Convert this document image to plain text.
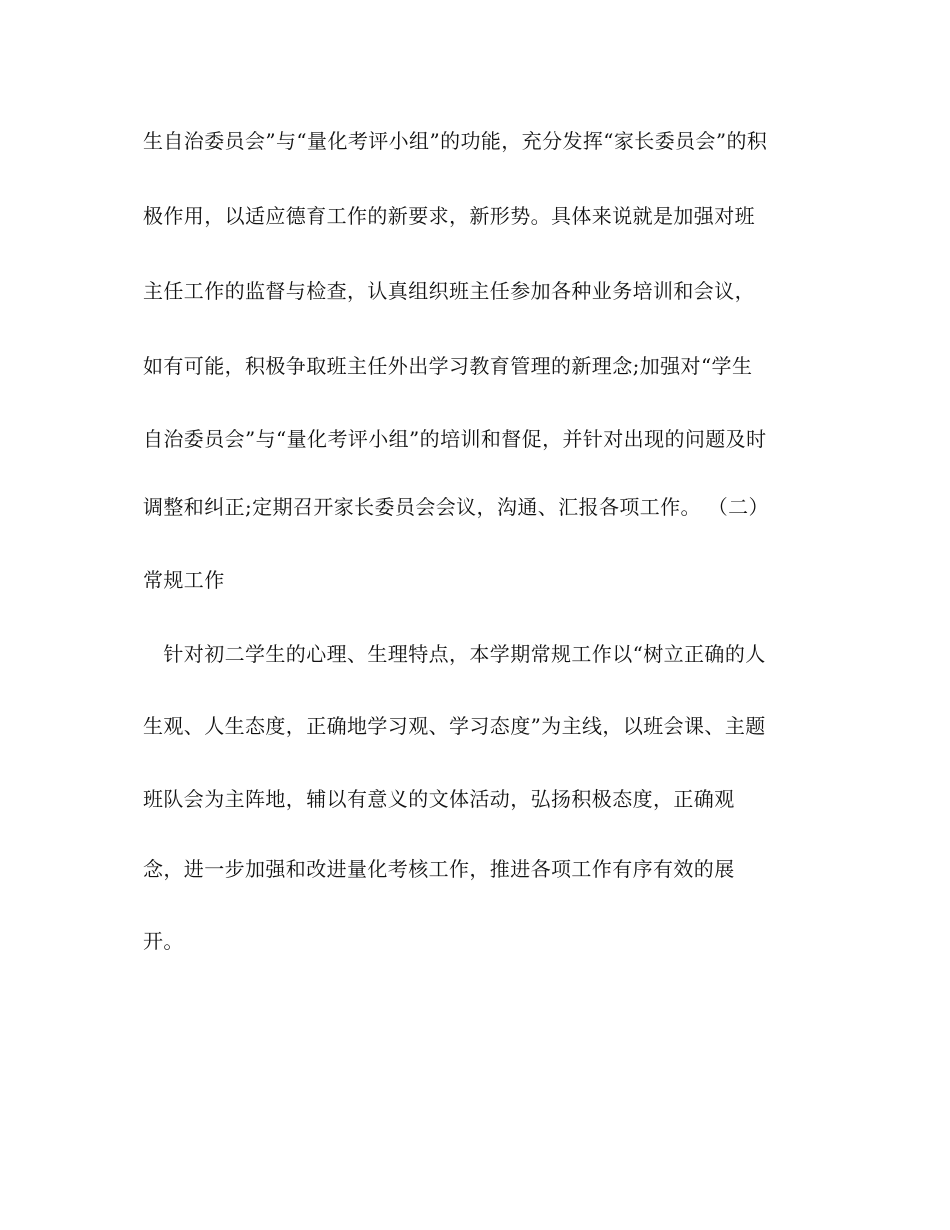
生自治委员会”与“量化考评小组”的功能，充分发挥“家长委员会”的积
极作用，以适应德育工作的新要求，新形势。具体来说就是加强对班
主任工作的监督与检查，认真组织班主任参加各种业务培训和会议，
如有可能，积极争取班主任外出学习教育管理的新理念;加强对“学生
自治委员会”与“量化考评小组”的培训和督促，并针对出现的问题及时
调整和纠正;定期召开家长委员会会议，沟通、汇报各项工作。 （二）
常规工作
　针对初二学生的心理、生理特点，本学期常规工作以“树立正确的人
生观、人生态度，正确地学习观、学习态度”为主线，以班会课、主题
班队会为主阵地，辅以有意义的文体活动，弘扬积极态度，正确观
念，进一步加强和改进量化考核工作，推进各项工作有序有效的展
开。
